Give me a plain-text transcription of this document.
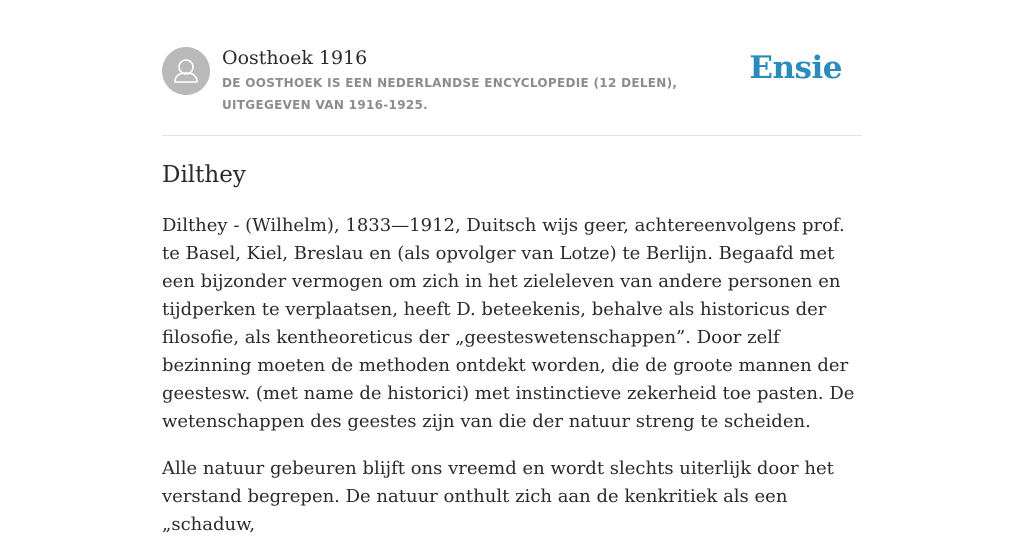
Oosthoek 1916

DE OOSTHOEK IS EEN NEDERLANDSE ENCYCLOPEDIE (12 DELEN), UITGEGEVEN VAN 1916-1925.

Ensie
Dilthey

Dilthey - (Wilhelm), 1833—1912, Duitsch wijs geer, achtereenvolgens prof. te Basel, Kiel, Breslau en (als opvolger van Lotze) te Berlijn. Begaafd met een bijzonder vermogen om zich in het zieleleven van andere personen en tijdperken te verplaatsen, heeft D. beteekenis, behalve als historicus der filosofie, als kentheoreticus der „geesteswetenschappen”. Door zelf bezinning moeten de methoden ontdekt worden, die de groote mannen der geestesw. (met name de historici) met instinctieve zekerheid toe pasten. De wetenschappen des geestes zijn van die der natuur streng te scheiden.

Alle natuur gebeuren blijft ons vreemd en wordt slechts uiterlijk door het verstand begrepen. De natuur onthult zich aan de kenkritiek als een „schaduw,
